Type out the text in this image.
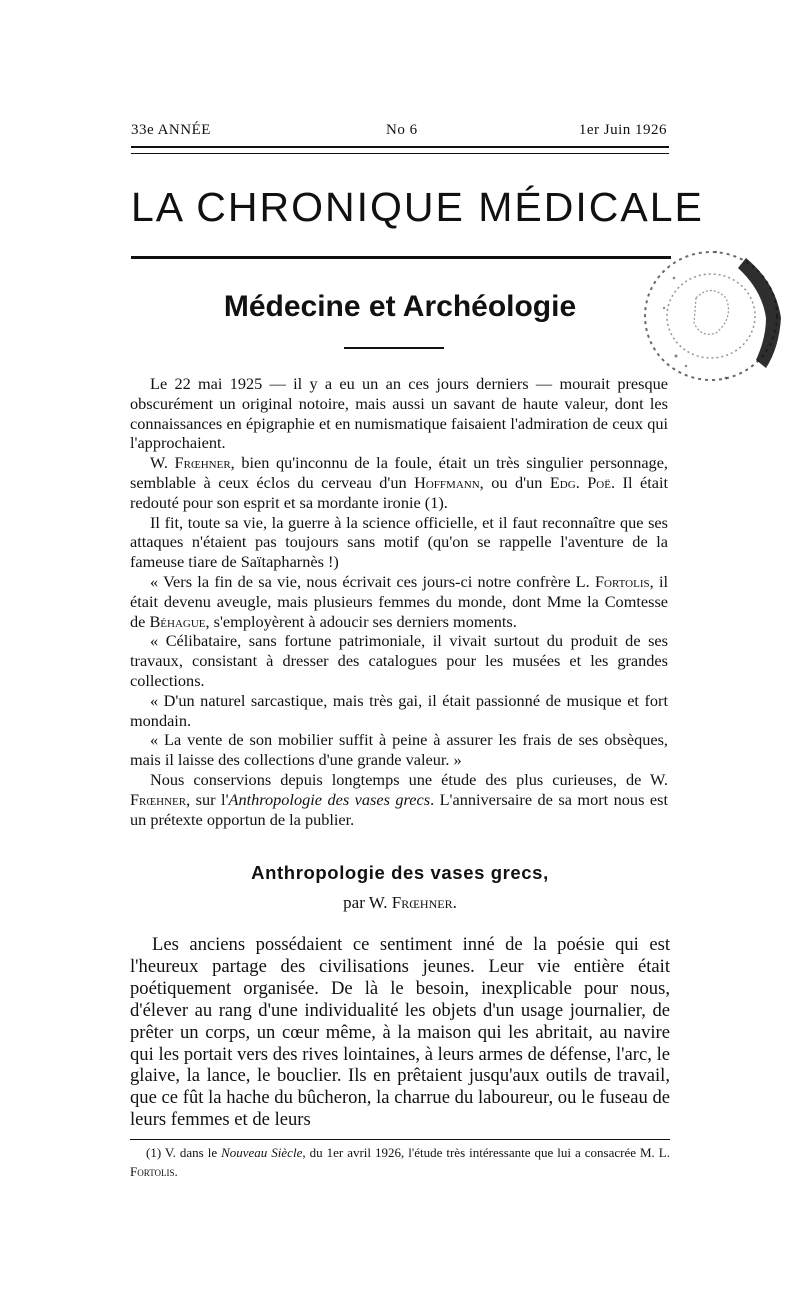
33e ANNÉE	No 6	1er Juin 1926
LA CHRONIQUE MÉDICALE
Médecine et Archéologie

Le 22 mai 1925 — il y a eu un an ces jours derniers — mourait presque obscurément un original notoire, mais aussi un savant de haute valeur, dont les connaissances en épigraphie et en numismatique faisaient l'admiration de ceux qui l'approchaient.

W. Frœhner, bien qu'inconnu de la foule, était un très singulier personnage, semblable à ceux éclos du cerveau d'un Hoffmann, ou d'un Edg. Poë. Il était redouté pour son esprit et sa mordante ironie (1).

Il fit, toute sa vie, la guerre à la science officielle, et il faut reconnaître que ses attaques n'étaient pas toujours sans motif (qu'on se rappelle l'aventure de la fameuse tiare de Saïtapharnès !)

« Vers la fin de sa vie, nous écrivait ces jours-ci notre confrère L. Fortolis, il était devenu aveugle, mais plusieurs femmes du monde, dont Mme la Comtesse de Béhague, s'employèrent à adoucir ses derniers moments.

« Célibataire, sans fortune patrimoniale, il vivait surtout du produit de ses travaux, consistant à dresser des catalogues pour les musées et les grandes collections.

« D'un naturel sarcastique, mais très gai, il était passionné de musique et fort mondain.

« La vente de son mobilier suffit à peine à assurer les frais de ses obsèques, mais il laisse des collections d'une grande valeur. »

Nous conservions depuis longtemps une étude des plus curieuses, de W. Frœhner, sur l'Anthropologie des vases grecs. L'anniversaire de sa mort nous est un prétexte opportun de la publier.

Anthropologie des vases grecs,
par W. Frœhner.

Les anciens possédaient ce sentiment inné de la poésie qui est l'heureux partage des civilisations jeunes. Leur vie entière était poétiquement organisée. De là le besoin, inexplicable pour nous, d'élever au rang d'une individualité les objets d'un usage journalier, de prêter un corps, un cœur même, à la maison qui les abritait, au navire qui les portait vers des rives lointaines, à leurs armes de défense, l'arc, le glaive, la lance, le bouclier. Ils en prêtaient jusqu'aux outils de travail, que ce fût la hache du bûcheron, la charrue du laboureur, ou le fuseau de leurs femmes et de leurs

(1) V. dans le Nouveau Siècle, du 1er avril 1926, l'étude très intéressante que lui a consacrée M. L. Fortolis.
